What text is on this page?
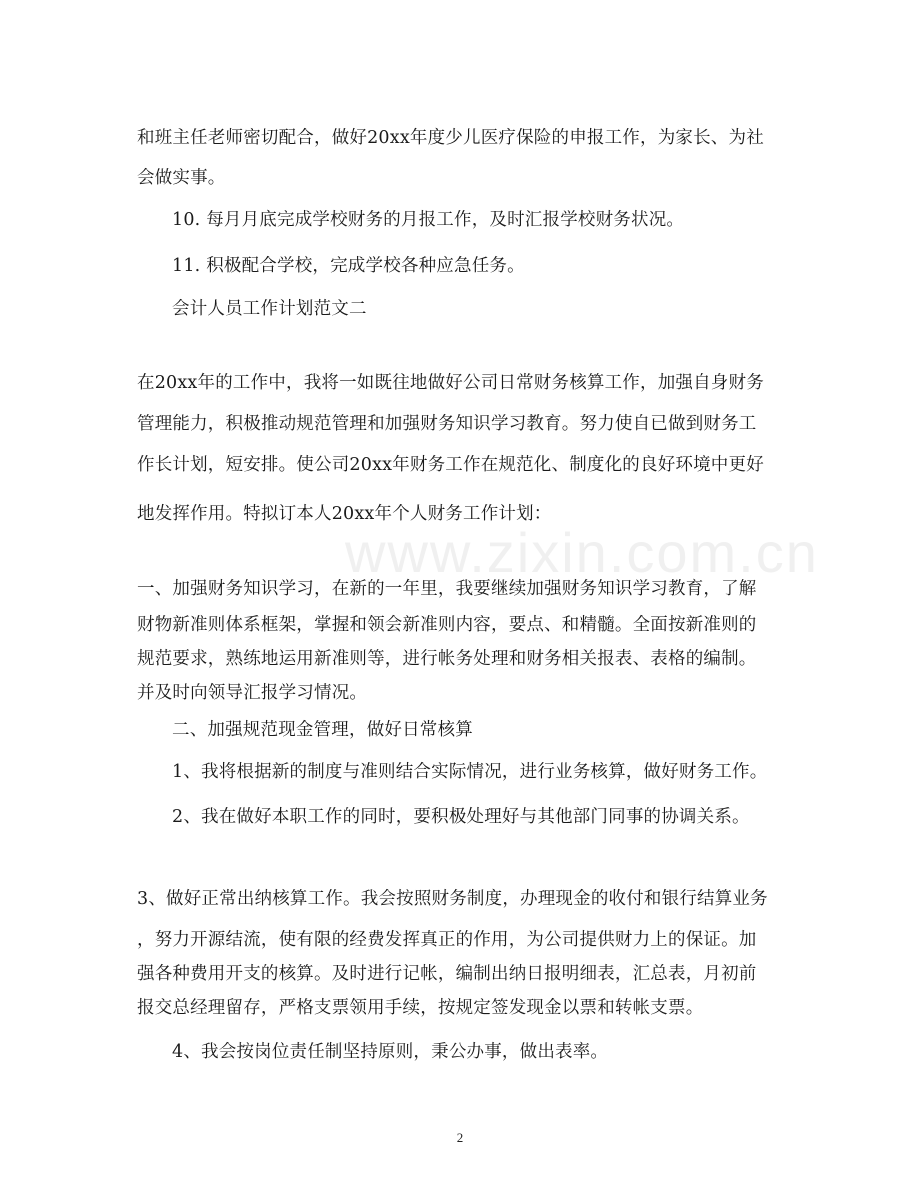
www.zixin.com.cn
和班主任老师密切配合，做好20xx年度少儿医疗保险的申报工作，为家长、为社
会做实事。
10. 每月月底完成学校财务的月报工作，及时汇报学校财务状况。
11. 积极配合学校，完成学校各种应急任务。
会计人员工作计划范文二
在20xx年的工作中，我将一如既往地做好公司日常财务核算工作，加强自身财务
管理能力，积极推动规范管理和加强财务知识学习教育。努力使自已做到财务工
作长计划，短安排。使公司20xx年财务工作在规范化、制度化的良好环境中更好
地发挥作用。特拟订本人20xx年个人财务工作计划：
一、加强财务知识学习，在新的一年里，我要继续加强财务知识学习教育，了解
财物新准则体系框架，掌握和领会新准则内容，要点、和精髓。全面按新准则的
规范要求，熟练地运用新准则等，进行帐务处理和财务相关报表、表格的编制。
并及时向领导汇报学习情况。
二、加强规范现金管理，做好日常核算
1、我将根据新的制度与准则结合实际情况，进行业务核算，做好财务工作。
2、我在做好本职工作的同时，要积极处理好与其他部门同事的协调关系。
3、做好正常出纳核算工作。我会按照财务制度，办理现金的收付和银行结算业务
，努力开源结流，使有限的经费发挥真正的作用，为公司提供财力上的保证。加
强各种费用开支的核算。及时进行记帐，编制出纳日报明细表，汇总表，月初前
报交总经理留存，严格支票领用手续，按规定签发现金以票和转帐支票。
4、我会按岗位责任制坚持原则，秉公办事，做出表率。
2
